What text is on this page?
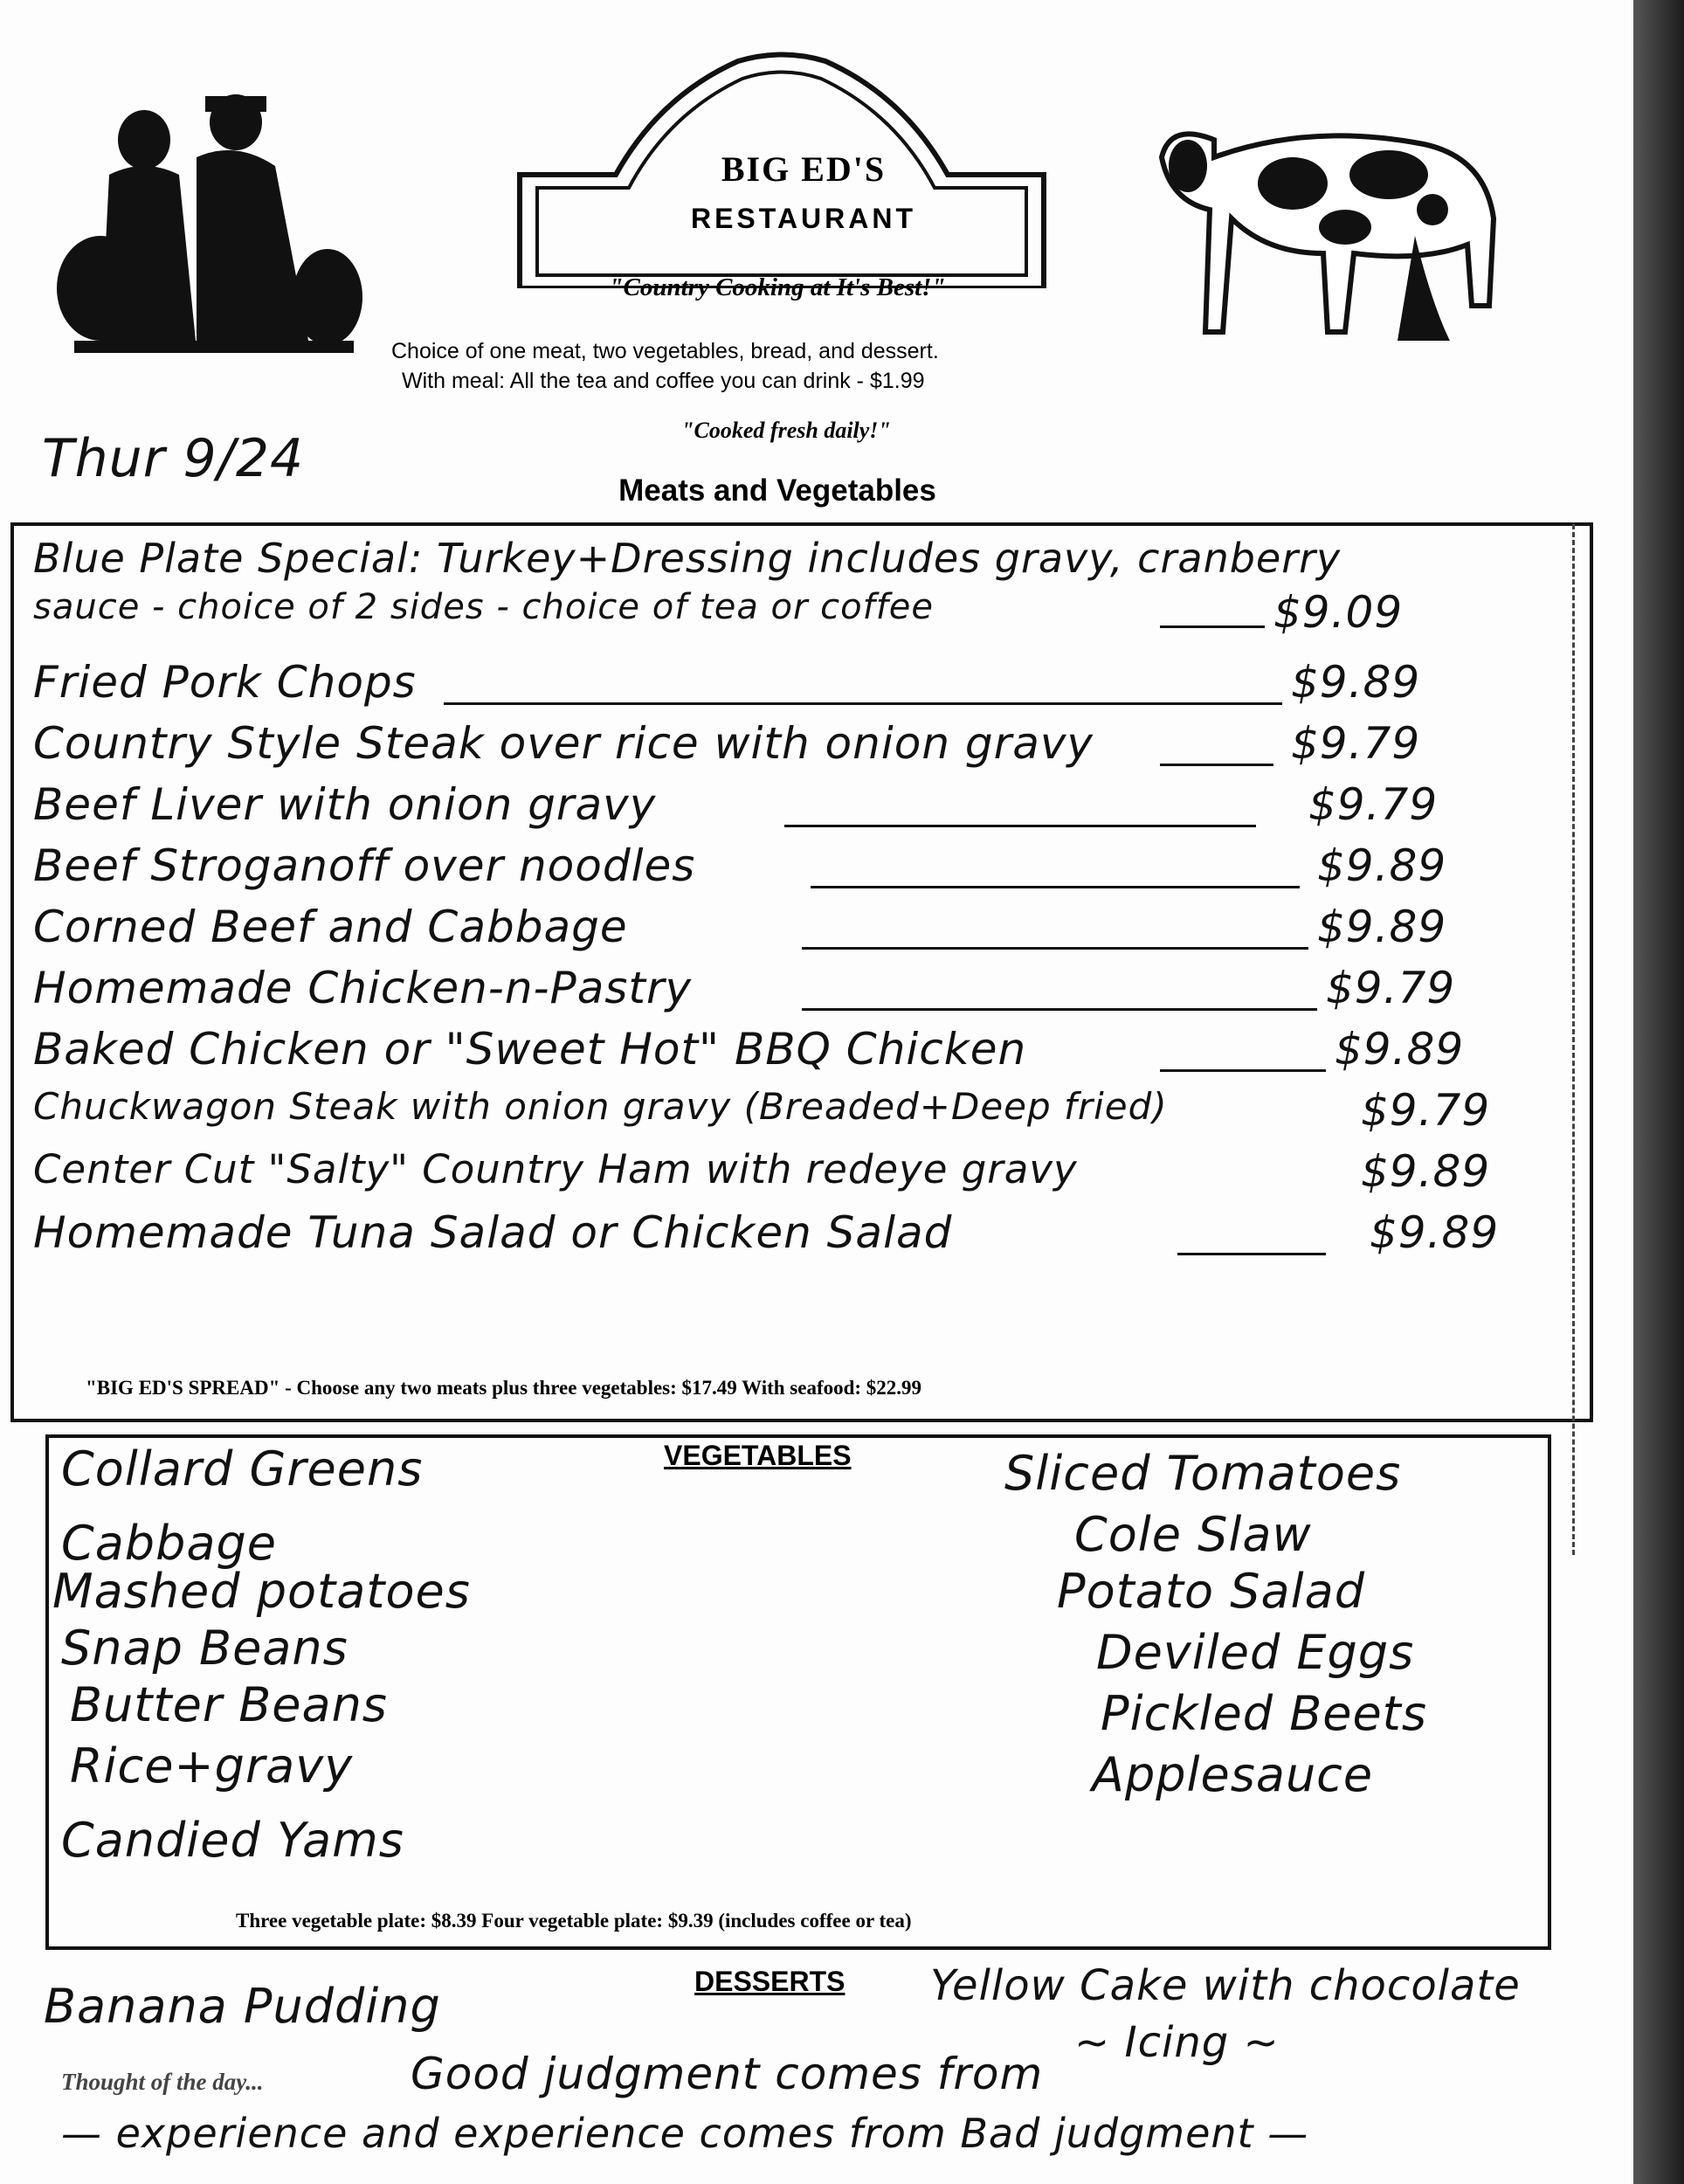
BIG ED'S
RESTAURANT
"Country Cooking at It's Best!"
Choice of one meat, two vegetables, bread, and dessert.
With meal: All the tea and coffee you can drink - $1.99
"Cooked fresh daily!"
Thur 9/24
Meats and Vegetables
Blue Plate Special: Turkey+Dressing includes gravy, cranberry
sauce - choice of 2 sides - choice of tea or coffee	$9.09
Fried Pork Chops	$9.89
Country Style Steak over rice with onion gravy	$9.79
Beef Liver with onion gravy	$9.79
Beef Stroganoff over noodles	$9.89
Corned Beef and Cabbage	$9.89
Homemade Chicken-n-Pastry	$9.79
Baked Chicken or "Sweet Hot" BBQ Chicken	$9.89
Chuckwagon Steak with onion gravy (Breaded+Deep fried)	$9.79
Center Cut "Salty" Country Ham with redeye gravy	$9.89
Homemade Tuna Salad or Chicken Salad	$9.89
"BIG ED'S SPREAD" - Choose any two meats plus three vegetables: $17.49 With seafood: $22.99
VEGETABLES
Collard Greens
Cabbage
Mashed potatoes
Snap Beans
Butter Beans
Rice+gravy
Candied Yams
Sliced Tomatoes
Cole Slaw
Potato Salad
Deviled Eggs
Pickled Beets
Applesauce
Three vegetable plate: $8.39 Four vegetable plate: $9.39 (includes coffee or tea)
DESSERTS
Banana Pudding	Yellow Cake with chocolate
~ Icing ~
Thought of the day...	Good judgment comes from
— experience and experience comes from Bad judgment —
